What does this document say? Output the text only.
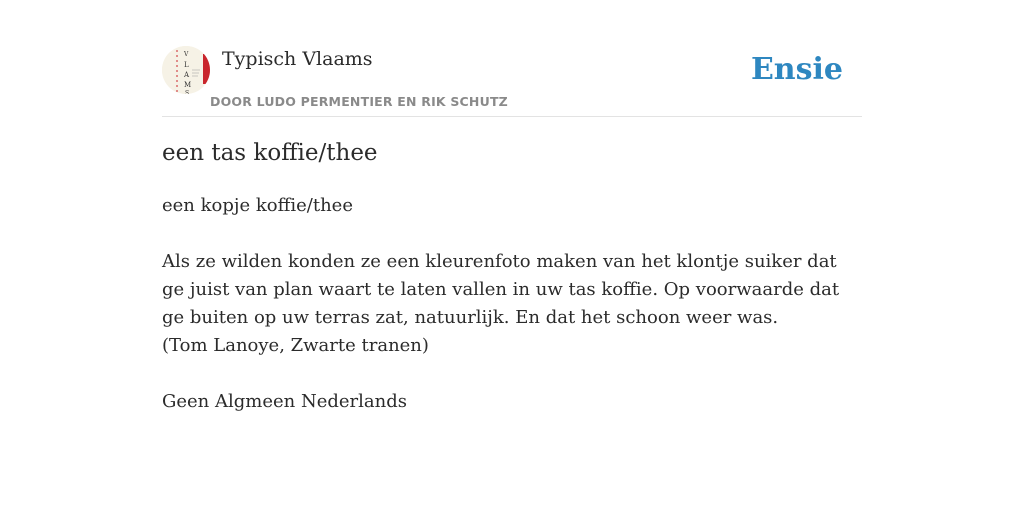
V
L
A
M
S
Typisch Vlaams
DOOR LUDO PERMENTIER EN RIK SCHUTZ
Ensie
een tas koffie/thee

een kopje koffie/thee

Als ze wilden konden ze een kleurenfoto maken van het klontje suiker dat ge juist van plan waart te laten vallen in uw tas koffie. Op voorwaarde dat ge buiten op uw terras zat, natuurlijk. En dat het schoon weer was.

(Tom Lanoye, Zwarte tranen)

Geen Algmeen Nederlands
